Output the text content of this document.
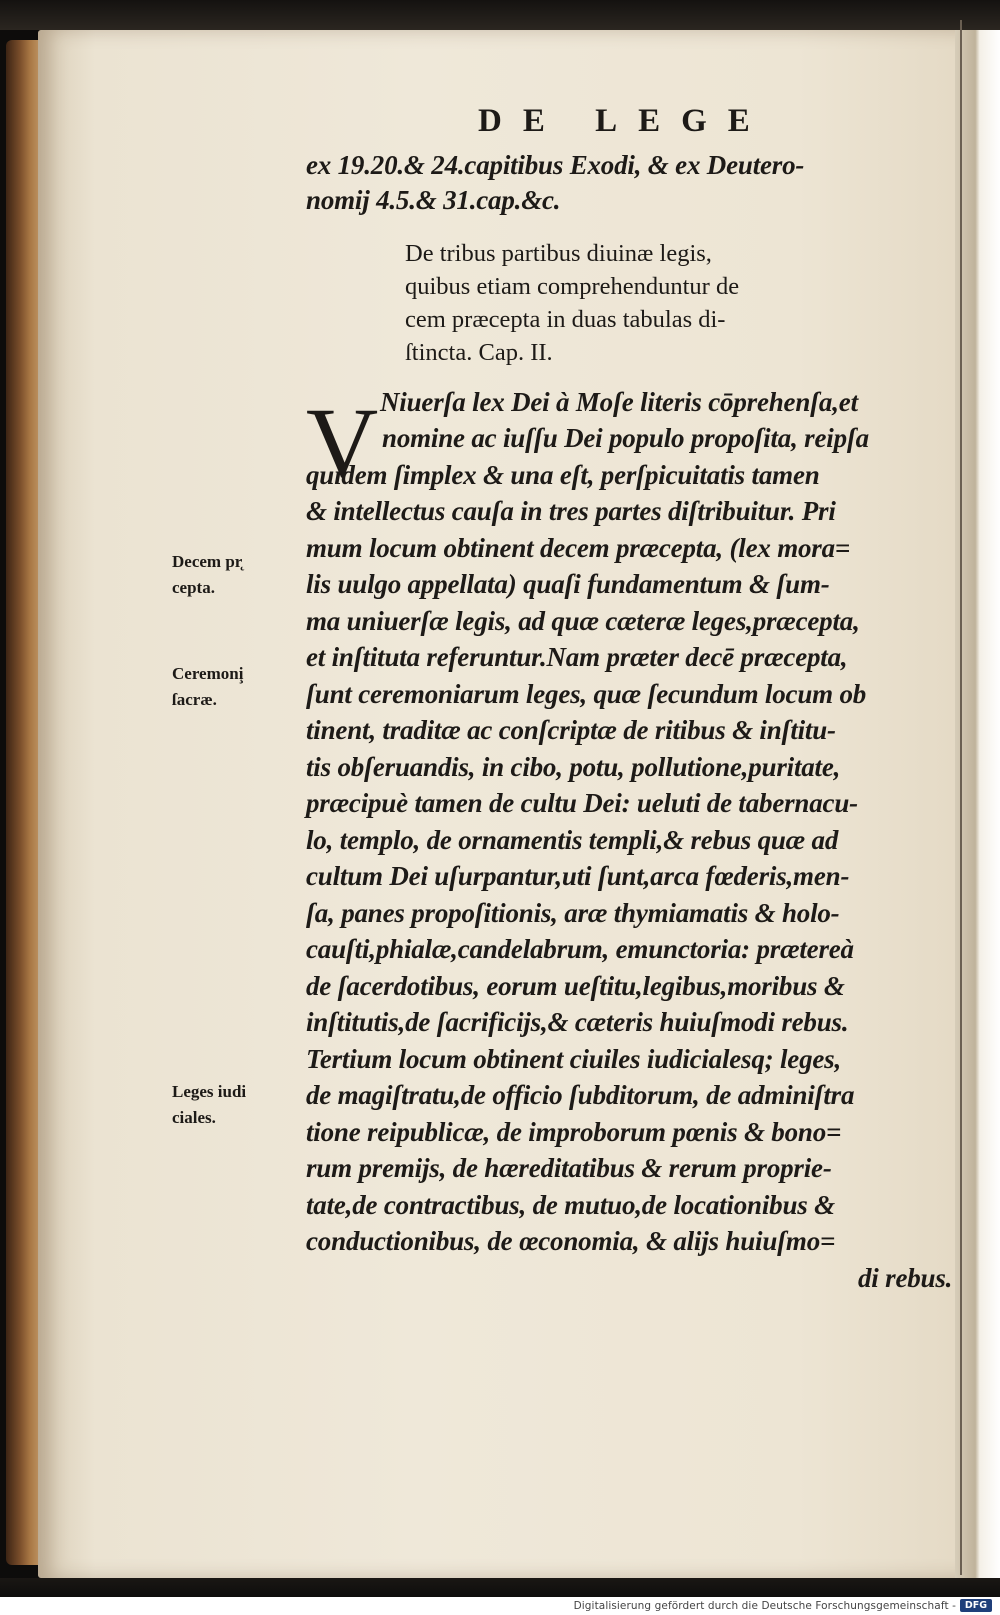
DE LEGE
ex 19.20.& 24.capitibus Exodi, & ex Deutero‑
nomij 4.5.& 31.cap.&c.
De tribus partibus diuinæ legis,
quibus etiam comprehenduntur de
cem præcepta in duas tabulas di-
ſtincta. Cap. II.
V Niuerſa lex Dei à Moſe literis cōprehenſa,et
nomine ac iuſſu Dei populo propoſita, reipſa
quidem ſimplex & una eſt, perſpicuitatis tamen
& intellectus cauſa in tres partes diſtribuitur. Pri
mum locum obtinent decem præcepta, (lex mora=
lis uulgo appellata) quaſi fundamentum & ſum‑
ma uniuerſæ legis, ad quæ cæteræ leges,præcepta,
et inſtituta referuntur.Nam præter decē præcepta,
ſunt ceremoniarum leges, quæ ſecundum locum ob
tinent, traditæ ac conſcriptæ de ritibus & inſtitu-
tis obſeruandis, in cibo, potu, pollutione,puritate,
præcipuè tamen de cultu Dei: ueluti de tabernacu‑
lo, templo, de ornamentis templi,& rebus quæ ad
cultum Dei uſurpantur,uti ſunt,arca fœderis,men‑
ſa, panes propoſitionis, aræ thymiamatis & holo‑
cauſti,phialæ,candelabrum, emunctoria: prætereà
de ſacerdotibus, eorum ueſtitu,legibus,moribus &
inſtitutis,de ſacrificijs,& cæteris huiuſmodi rebus.
Tertium locum obtinent ciuiles iudicialesq; leges,
de magiſtratu,de officio ſubditorum, de adminiſtra
tione reipublicæ, de improborum pœnis & bono=
rum premijs, de hæreditatibus & rerum proprie‑
tate,de contractibus, de mutuo,de locationibus &
conductionibus, de œconomia, & alijs huiuſmo=
di rebus.
Decem pr̨
cepta.
Ceremoni̧
ſacræ.
Leges iudi
ciales.
Digitalisierung gefördert durch die Deutsche Forschungsgemeinschaft - DFG
